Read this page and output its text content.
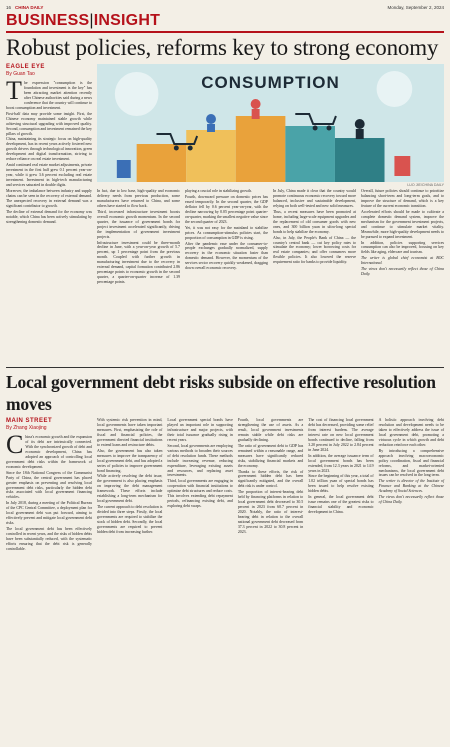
16 CHINA DAILY	Monday, September 2, 2024
BUSINESS|INSIGHT
Robust policies, reforms key to strong economy
EAGLE EYE
By Guan Tao

The expression "consumption is the foundation and investment is the key" has been attracting market attention recently after Chinese authorities said during a news conference that the country will continue to boost consumption and investment.

First-half data may provide some insight. First, the Chinese economy maintained stable growth while achieving structural upgrading with improved quality. Second, consumption and investment remained the key pillars of growth.

China, maintaining its strategic focus on high-quality development, has in recent years actively fostered new growth drivers through technological innovation, green development and digital transformation, striving to reduce reliance on real estate investment.

Amid continued real estate market adjustments, private investment in the first half grew 0.1 percent year-on-year, while it grew 3.6 percent excluding real estate investment. Investment in high-tech manufacturing and services saturated in double digits.

Moreover, the imbalance between industry and supply chains can be seen in the recovery of external demand. The unexpected recovery in external demand was a significant contributor to growth.

The decline of external demand for the economy was notable, which China has been actively stimulating by strengthening domestic demand.

CONSUMPTION
LUO JIE/CHINA DAILY

In fact, due to low base, high-quality and economic delivery needs from previous production, some manufacturers have returned to China, and some others have started to flow back.

Third, increased infrastructure investment boosts overall economic growth momentum. In the second quarter, the issuance of government bonds for project investment accelerated significantly, driving the implementation of government investment projects.

Infrastructure investment could be three-month decline in June, with a year-on-year growth of 5.7 percent, up 1 percentage point from the previous month. Coupled with further growth in manufacturing investment due to the recovery in external demand, capital formation contributed 2.86 percentage points to economic growth in the second quarter, a quarter-on-quarter increase of 1.39 percentage points.

playing a crucial role in stabilizing growth.

Fourth, downward pressure on domestic prices has eased temporarily. In the second quarter, the GDP deflator fell by 0.6 percent year-on-year, with the decline narrowing by 0.05 percentage point quarter-on-quarter, marking the smallest negative value since the second quarter of 2023.

Yet, it was not easy for the mainland to stabilize prices. As consumption-stimulus policies start, the proportion of consumption in GDP is rising.

After the pandemic ease under the consumer-to-people exchanges gradually normalized, supply recovery in the economic situation faster than domestic demand. However, the momentum of the services sector recovery quickly weakened, dragging down overall economic recovery.

In July, China made it clear that the country would promote continuous economic recovery toward more balanced, inclusive and sustainable development, relying on both well-tested and new solid measures.

Thus, a recent measures have been promoted at home, including large-scale equipment upgrades and the replacement of old consumer goods with new ones, and 300 billion yuan in ultra-long special bonds to help stabilize the economy.

Also, in July, the People's Bank of China — the country's central bank — cut key policy rates to stimulate the economy; lower borrowing costs for real estate companies; and offer consumers more flexible policies. It also lowered the reserve requirement ratio for banks to provide liquidity.

Overall, future policies should continue to prioritize balancing short-term and long-term goals, and to improve the structure of demand, which is a key feature of the current economic transition.

Accelerated efforts should be made to cultivate a complete domestic demand system, improve the mechanism for the government investment projects, and continue to stimulate market vitality. Meanwhile, more high-quality development needs to be pursued to expand investment.

In addition, policies supporting services consumption can also be improved, focusing on key fields like aging, eldercare and tourism.

The writer is global chief economist at BOC International.

The views don't necessarily reflect those of China Daily.

Local government debt risks subside on effective resolution moves
MAIN STREET
By Zhang Xiaojing

China's economic growth and the expansion of its debt are intrinsically connected. With the synchronized growth of debt and economic development, China has adopted an approach of controlling local government debt risks within the framework of economic development.

Since the 18th National Congress of the Communist Party of China, the central government has placed greater emphasis on preventing and resolving local government debt risks, particularly the hidden debt risks associated with local government financing vehicles.

In July 2018, during a meeting of the Political Bureau of the CPC Central Committee, a deployment plan for local government debt was put forward, aiming to effectively prevent and mitigate local government debt risks.

The local government debt has been effectively controlled in recent years, and the risks of hidden debts have been substantially reduced, with the systematic efforts ensuring that the debt risk is generally controllable.

With systemic risk prevention in mind, local governments have taken important measures. First, emphasizing the role of fiscal and financial policies, the government directed financial institutions to extend loans and restructure debts.

Also, the government has also taken measures to improve the transparency of local government debt, and has adopted a series of policies to improve government bond financing.

While actively resolving the debt issue, the government is also placing emphasis on improving the debt management framework. These efforts include establishing a long-term mechanism for local government debt.

The current approach to debt resolution is divided into three steps. Firstly, the local governments are required to stabilize the stock of hidden debt. Secondly, the local governments are required to prevent hidden debt from increasing further.

Local government special bonds have played an important role in supporting infrastructure and major projects, with their total issuance gradually rising in recent years.

Second, local governments are employing various methods to broaden their sources of debt resolution funds. These methods include increasing revenue, reducing expenditure, leveraging existing assets and resources, and replacing asset investments.

Third, local governments are engaging in cooperation with financial institutions to optimize debt structures and reduce costs. This involves extending debt repayment periods, refinancing existing debt, and exploring debt swaps.

Fourth, local governments are strengthening the use of assets. As a result, local government investments remain stable while debt risks are gradually declining.

The ratio of government debt to GDP has remained within a reasonable range, and measures have significantly reduced risks, stabilizing financial markets and the economy.

Thanks to these efforts, the risk of government hidden debt has been significantly mitigated, and the overall debt risk is under control.

The proportion of interest-bearing debt held by financing platforms in relation to local government debt decreased to 30.5 percent in 2023 from 60.7 percent in 2020. Notably, the ratio of interest-bearing debt in relation to the overall national government debt decreased from 37.3 percent in 2022 to 30.8 percent in 2023.

The cost of financing local government debt has decreased, providing some relief from interest burdens. The average interest rate on new local government bonds continued to decline, falling from 3.20 percent in July 2022 to 2.84 percent in June 2024.

In addition, the average issuance term of local government bonds has been extended, from 12.3 years in 2021 to 14.9 years in 2023.

Since the beginning of this year, a total of 1.02 trillion yuan of special bonds has been issued to help resolve existing hidden debts.

In general, the local government debt issue remains one of the greatest risks to financial stability and economic development in China.

A holistic approach involving debt resolution and development needs to be taken to effectively address the issue of local government debt, promoting a virtuous cycle in which growth and debt reduction reinforce each other.

By introducing a comprehensive approach involving macroeconomic policy coordination, fiscal and financial reforms, and market-oriented mechanisms, the local government debt issues can be resolved in the long term.

The writer is director of the Institute of Finance and Banking at the Chinese Academy of Social Sciences.

The views don't necessarily reflect those of China Daily.
